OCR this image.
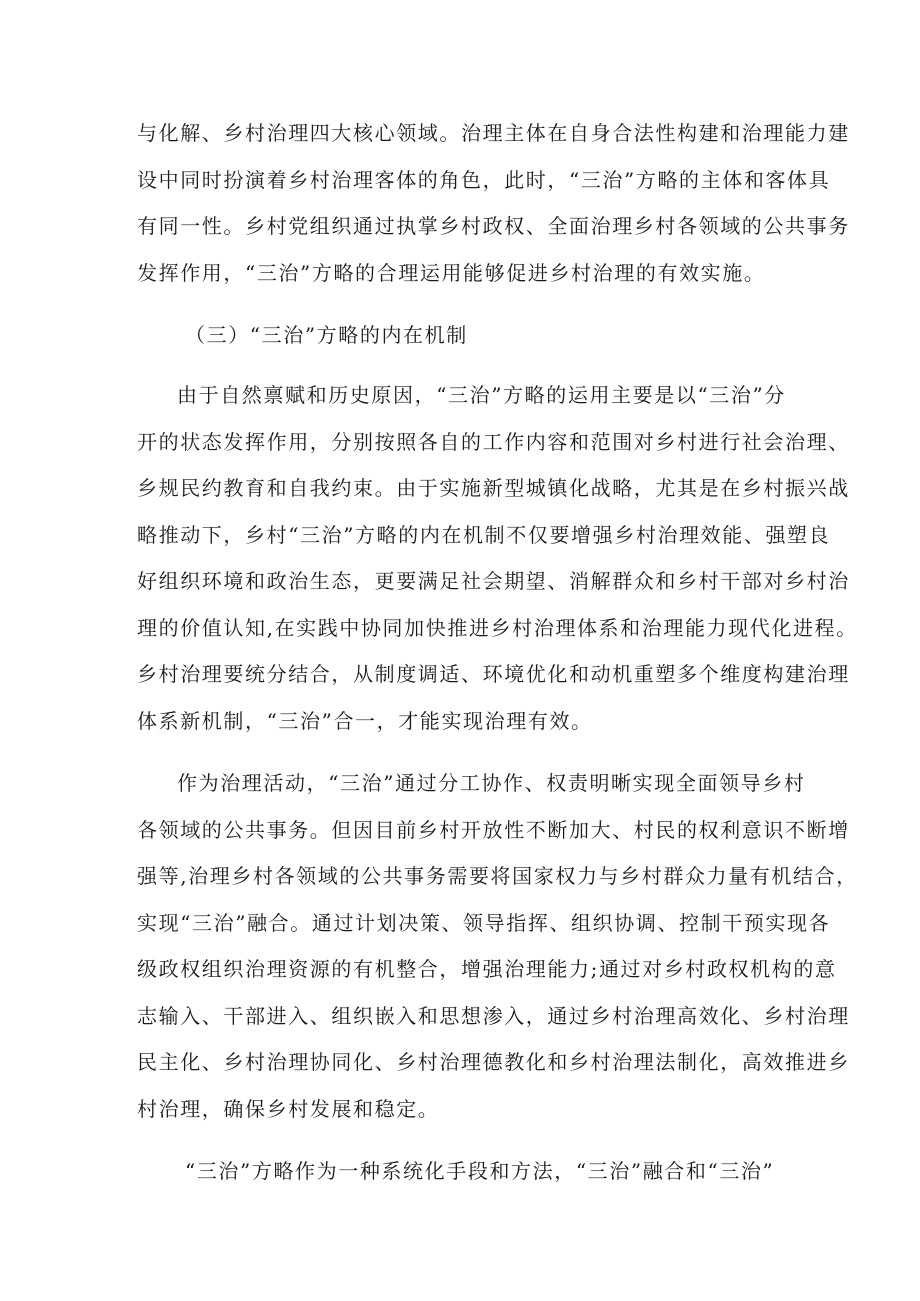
与化解、乡村治理四大核心领域。治理主体在自身合法性构建和治理能力建

设中同时扮演着乡村治理客体的角色，此时，“三治”方略的主体和客体具

有同一性。乡村党组织通过执掌乡村政权、全面治理乡村各领域的公共事务

发挥作用，“三治”方略的合理运用能够促进乡村治理的有效实施。

（三）“三治”方略的内在机制

由于自然禀赋和历史原因，“三治”方略的运用主要是以“三治”分

开的状态发挥作用，分别按照各自的工作内容和范围对乡村进行社会治理、

乡规民约教育和自我约束。由于实施新型城镇化战略，尤其是在乡村振兴战

略推动下，乡村“三治”方略的内在机制不仅要增强乡村治理效能、强塑良

好组织环境和政治生态，更要满足社会期望、消解群众和乡村干部对乡村治

理的价值认知,在实践中协同加快推进乡村治理体系和治理能力现代化进程。

乡村治理要统分结合，从制度调适、环境优化和动机重塑多个维度构建治理

体系新机制，“三治”合一，才能实现治理有效。

作为治理活动，“三治”通过分工协作、权责明晰实现全面领导乡村

各领域的公共事务。但因目前乡村开放性不断加大、村民的权利意识不断增

强等,治理乡村各领域的公共事务需要将国家权力与乡村群众力量有机结合，

实现“三治”融合。通过计划决策、领导指挥、组织协调、控制干预实现各

级政权组织治理资源的有机整合，增强治理能力;通过对乡村政权机构的意

志输入、干部进入、组织嵌入和思想渗入，通过乡村治理高效化、乡村治理

民主化、乡村治理协同化、乡村治理德教化和乡村治理法制化，高效推进乡

村治理，确保乡村发展和稳定。

“三治”方略作为一种系统化手段和方法，“三治”融合和“三治”
